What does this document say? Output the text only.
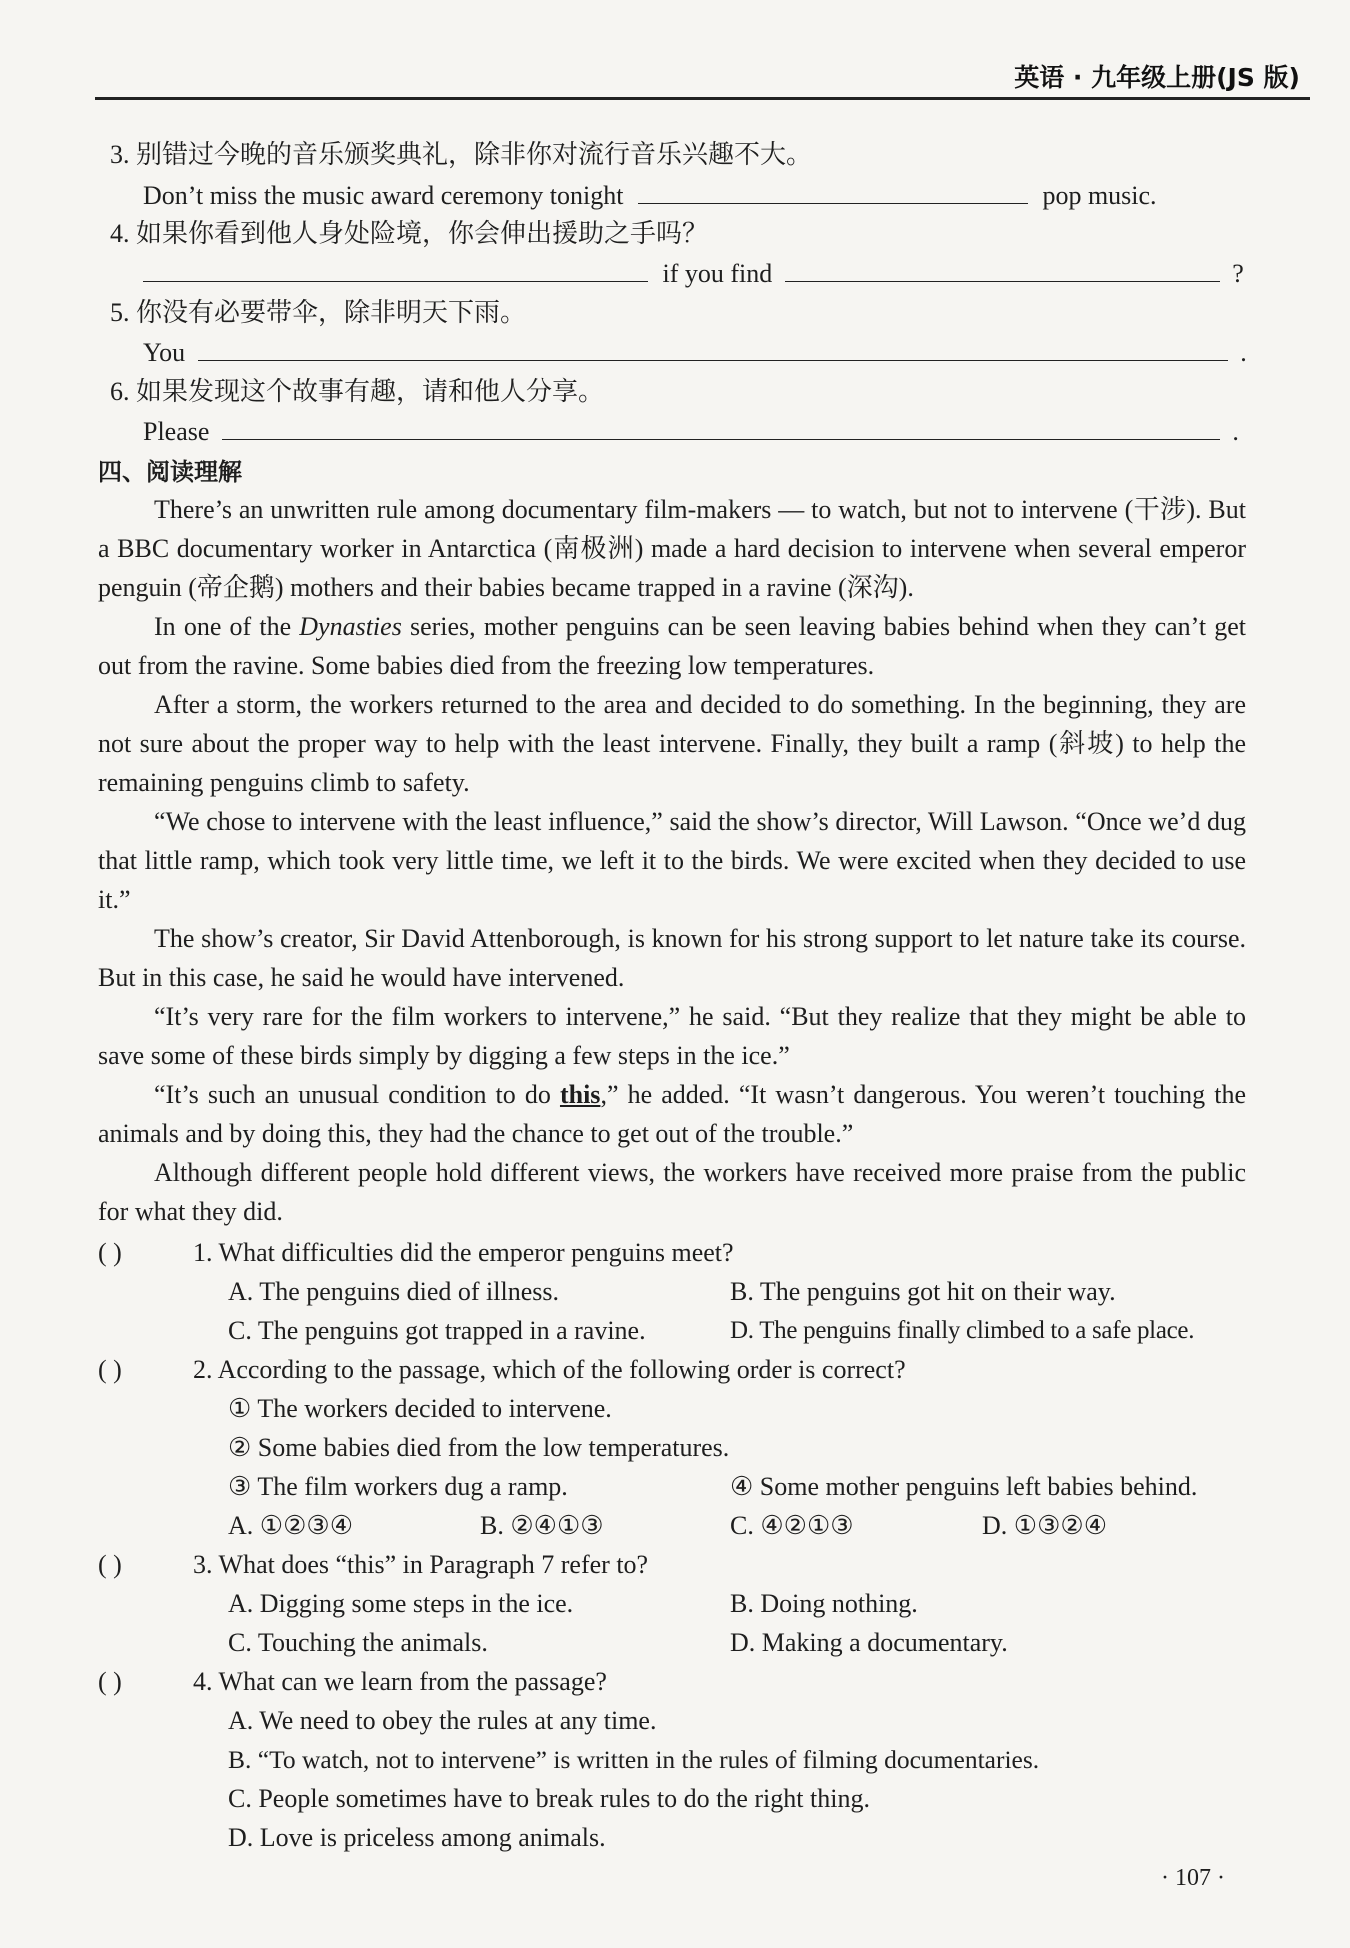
英语 · 九年级上册(JS 版)
3. 别错过今晚的音乐颁奖典礼，除非你对流行音乐兴趣不大。
Don’t miss the music award ceremony tonight	pop music.
4. 如果你看到他人身处险境，你会伸出援助之手吗？
if you find	?
5. 你没有必要带伞，除非明天下雨。
You	.
6. 如果发现这个故事有趣，请和他人分享。
Please	.
四、阅读理解

There’s an unwritten rule among documentary film-makers — to watch, but not to intervene (干涉). But a BBC documentary worker in Antarctica (南极洲) made a hard decision to intervene when several emperor penguin (帝企鹅) mothers and their babies became trapped in a ravine (深沟).

In one of the Dynasties series, mother penguins can be seen leaving babies behind when they can’t get out from the ravine. Some babies died from the freezing low temperatures.

After a storm, the workers returned to the area and decided to do something. In the beginning, they are not sure about the proper way to help with the least intervene. Finally, they built a ramp (斜坡) to help the remaining penguins climb to safety.

“We chose to intervene with the least influence,” said the show’s director, Will Lawson. “Once we’d dug that little ramp, which took very little time, we left it to the birds. We were excited when they decided to use it.”

The show’s creator, Sir David Attenborough, is known for his strong support to let nature take its course. But in this case, he said he would have intervened.

“It’s very rare for the film workers to intervene,” he said. “But they realize that they might be able to save some of these birds simply by digging a few steps in the ice.”

“It’s such an unusual condition to do this,” he added. “It wasn’t dangerous. You weren’t touching the animals and by doing this, they had the chance to get out of the trouble.”

Although different people hold different views, the workers have received more praise from the public for what they did.

( )	1. What difficulties did the emperor penguins meet?
A. The penguins died of illness.	B. The penguins got hit on their way.
C. The penguins got trapped in a ravine.	D. The penguins finally climbed to a safe place.
( )	2. According to the passage, which of the following order is correct?
① The workers decided to intervene.
② Some babies died from the low temperatures.
③ The film workers dug a ramp.	④ Some mother penguins left babies behind.
A. ①②③④	B. ②④①③	C. ④②①③	D. ①③②④
( )	3. What does “this” in Paragraph 7 refer to?
A. Digging some steps in the ice.	B. Doing nothing.
C. Touching the animals.	D. Making a documentary.
( )	4. What can we learn from the passage?
A. We need to obey the rules at any time.
B. “To watch, not to intervene” is written in the rules of filming documentaries.
C. People sometimes have to break rules to do the right thing.
D. Love is priceless among animals.
· 107 ·
